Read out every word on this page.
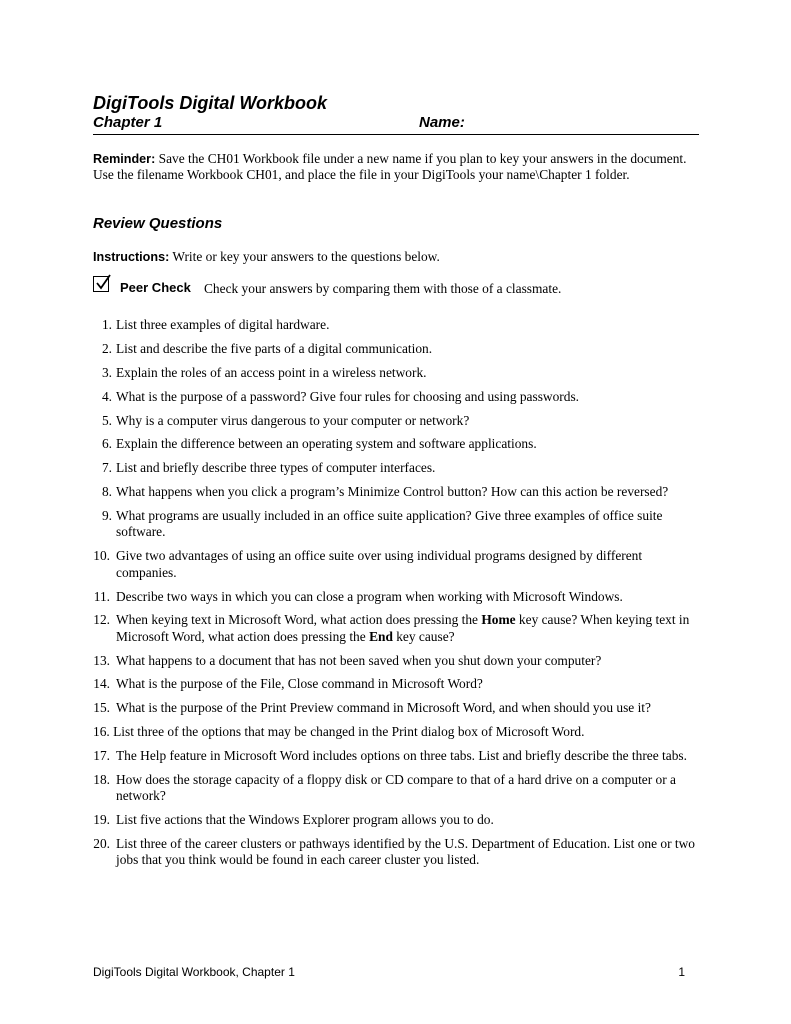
DigiTools Digital Workbook
Chapter 1	Name:

Reminder: Save the CH01 Workbook file under a new name if you plan to key your answers in the document. Use the filename Workbook CH01, and place the file in your DigiTools your name\Chapter 1 folder.

Review Questions

Instructions: Write or key your answers to the questions below.

Peer Check Check your answers by comparing them with those of a classmate.
1. List three examples of digital hardware.
2. List and describe the five parts of a digital communication.
3. Explain the roles of an access point in a wireless network.
4. What is the purpose of a password? Give four rules for choosing and using passwords.
5. Why is a computer virus dangerous to your computer or network?
6. Explain the difference between an operating system and software applications.
7. List and briefly describe three types of computer interfaces.
8. What happens when you click a program’s Minimize Control button? How can this action be reversed?
9. What programs are usually included in an office suite application? Give three examples of office suite software.
10. Give two advantages of using an office suite over using individual programs designed by different companies.
11. Describe two ways in which you can close a program when working with Microsoft Windows.
12. When keying text in Microsoft Word, what action does pressing the Home key cause? When keying text in Microsoft Word, what action does pressing the End key cause?
13. What happens to a document that has not been saved when you shut down your computer?
14. What is the purpose of the File, Close command in Microsoft Word?
15. What is the purpose of the Print Preview command in Microsoft Word, and when should you use it?
16. List three of the options that may be changed in the Print dialog box of Microsoft Word.
17. The Help feature in Microsoft Word includes options on three tabs. List and briefly describe the three tabs.
18. How does the storage capacity of a floppy disk or CD compare to that of a hard drive on a computer or a network?
19. List five actions that the Windows Explorer program allows you to do.
20. List three of the career clusters or pathways identified by the U.S. Department of Education. List one or two jobs that you think would be found in each career cluster you listed.
DigiTools Digital Workbook, Chapter 1	1
